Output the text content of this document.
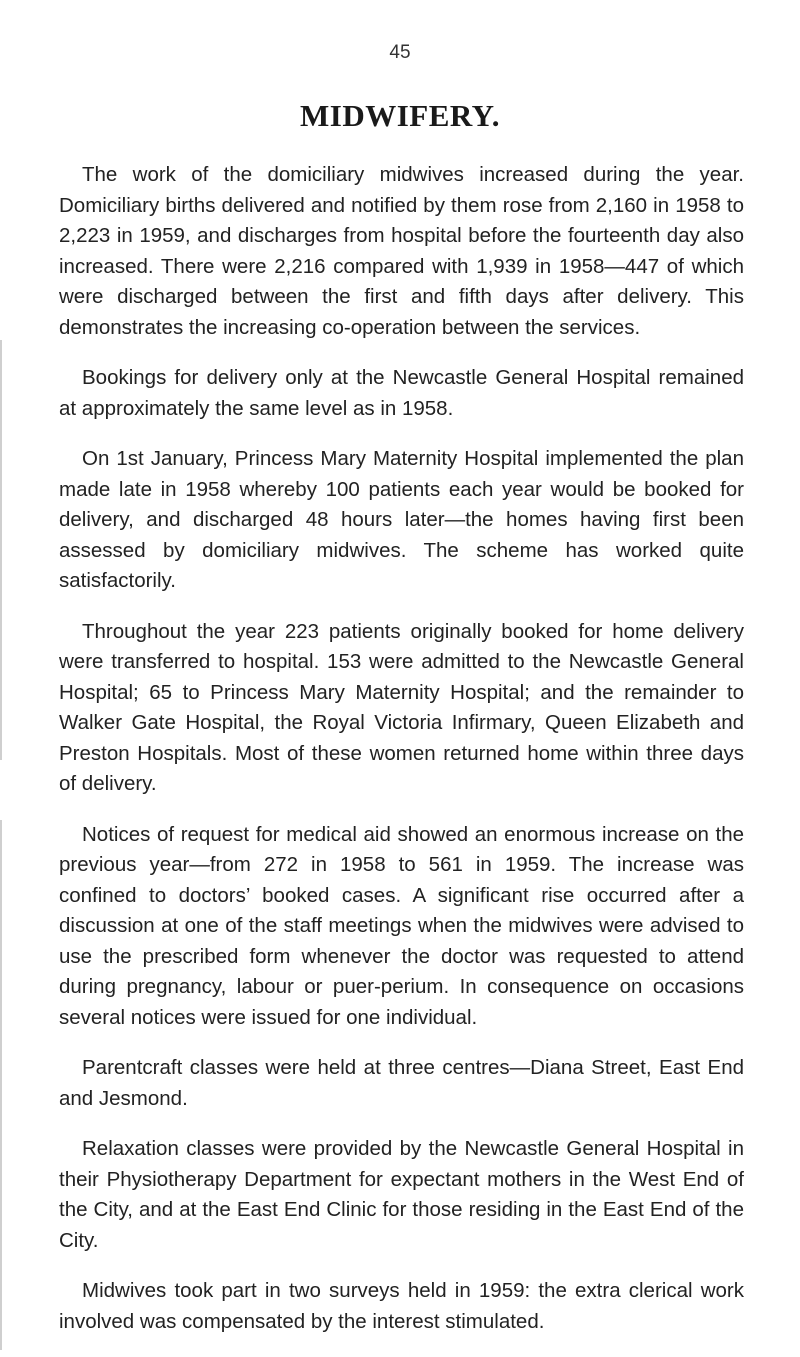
45
MIDWIFERY.

The work of the domiciliary midwives increased during the year. Domiciliary births delivered and notified by them rose from 2,160 in 1958 to 2,223 in 1959, and discharges from hospital before the fourteenth day also increased. There were 2,216 compared with 1,939 in 1958—447 of which were discharged between the first and fifth days after delivery. This demonstrates the increasing co-operation between the services.

Bookings for delivery only at the Newcastle General Hospital remained at approximately the same level as in 1958.

On 1st January, Princess Mary Maternity Hospital implemented the plan made late in 1958 whereby 100 patients each year would be booked for delivery, and discharged 48 hours later—the homes having first been assessed by domiciliary midwives. The scheme has worked quite satisfactorily.

Throughout the year 223 patients originally booked for home delivery were transferred to hospital. 153 were admitted to the Newcastle General Hospital; 65 to Princess Mary Maternity Hospital; and the remainder to Walker Gate Hospital, the Royal Victoria Infirmary, Queen Elizabeth and Preston Hospitals. Most of these women returned home within three days of delivery.

Notices of request for medical aid showed an enormous increase on the previous year—from 272 in 1958 to 561 in 1959. The increase was confined to doctors’ booked cases. A significant rise occurred after a discussion at one of the staff meetings when the midwives were advised to use the prescribed form whenever the doctor was requested to attend during pregnancy, labour or puer-perium. In consequence on occasions several notices were issued for one individual.

Parentcraft classes were held at three centres—Diana Street, East End and Jesmond.

Relaxation classes were provided by the Newcastle General Hospital in their Physiotherapy Department for expectant mothers in the West End of the City, and at the East End Clinic for those residing in the East End of the City.

Midwives took part in two surveys held in 1959: the extra clerical work involved was compensated by the interest stimulated.
